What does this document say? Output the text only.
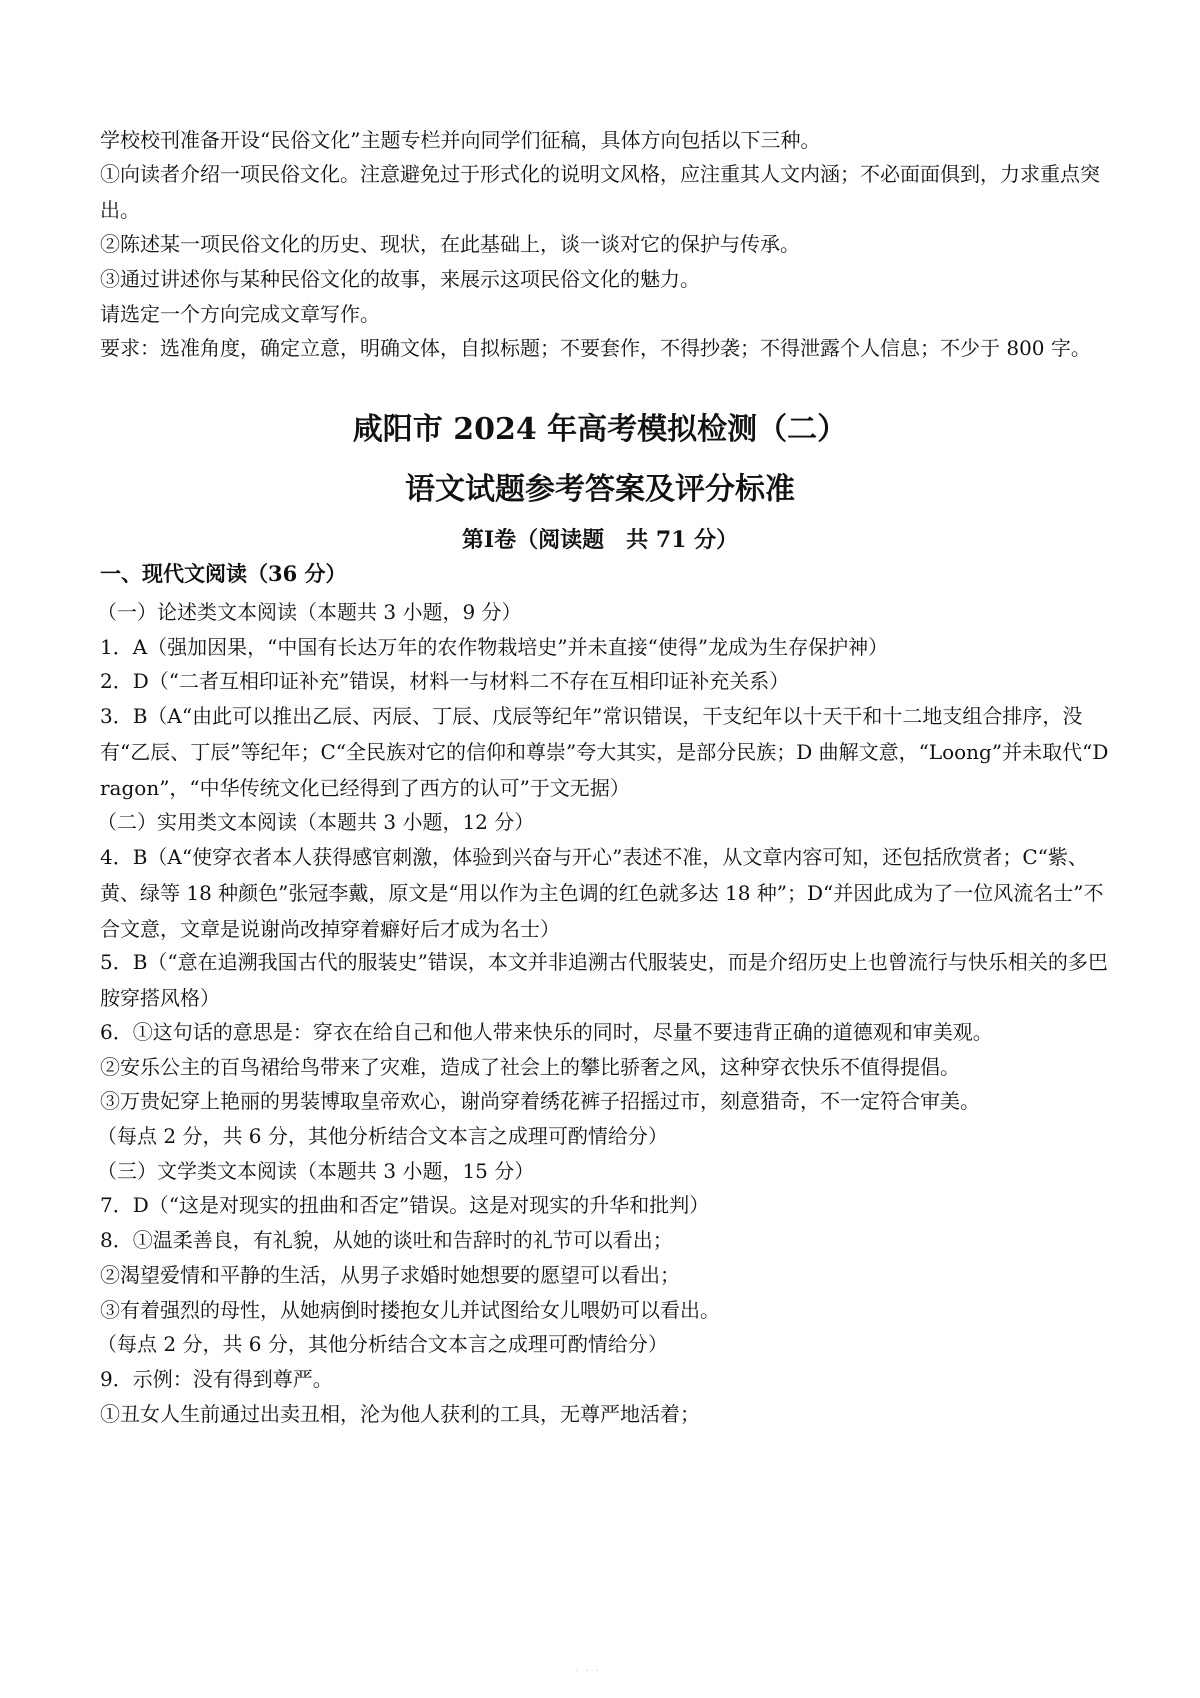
学校校刊准备开设“民俗文化”主题专栏并向同学们征稿，具体方向包括以下三种。
①向读者介绍一项民俗文化。注意避免过于形式化的说明文风格，应注重其人文内涵；不必面面俱到，力求重点突出。
②陈述某一项民俗文化的历史、现状，在此基础上，谈一谈对它的保护与传承。
③通过讲述你与某种民俗文化的故事，来展示这项民俗文化的魅力。
请选定一个方向完成文章写作。
要求：选准角度，确定立意，明确文体，自拟标题；不要套作，不得抄袭；不得泄露个人信息；不少于 800 字。
咸阳市 2024 年高考模拟检测（二）
语文试题参考答案及评分标准
第Ⅰ卷（阅读题　共 71 分）
一、现代文阅读（36 分）
（一）论述类文本阅读（本题共 3 小题，9 分）
1．A（强加因果，“中国有长达万年的农作物栽培史”并未直接“使得”龙成为生存保护神）
2．D（“二者互相印证补充”错误，材料一与材料二不存在互相印证补充关系）
3．B（A“由此可以推出乙辰、丙辰、丁辰、戊辰等纪年”常识错误，干支纪年以十天干和十二地支组合排序，没有“乙辰、丁辰”等纪年；C“全民族对它的信仰和尊崇”夸大其实，是部分民族；D 曲解文意，“Loong”并未取代“Dragon”，“中华传统文化已经得到了西方的认可”于文无据）
（二）实用类文本阅读（本题共 3 小题，12 分）
4．B（A“使穿衣者本人获得感官刺激，体验到兴奋与开心”表述不准，从文章内容可知，还包括欣赏者；C“紫、黄、绿等 18 种颜色”张冠李戴，原文是“用以作为主色调的红色就多达 18 种”；D“并因此成为了一位风流名士”不合文意，文章是说谢尚改掉穿着癖好后才成为名士）
5．B（“意在追溯我国古代的服装史”错误，本文并非追溯古代服装史，而是介绍历史上也曾流行与快乐相关的多巴胺穿搭风格）
6．①这句话的意思是：穿衣在给自己和他人带来快乐的同时，尽量不要违背正确的道德观和审美观。
②安乐公主的百鸟裙给鸟带来了灾难，造成了社会上的攀比骄奢之风，这种穿衣快乐不值得提倡。
③万贵妃穿上艳丽的男装博取皇帝欢心，谢尚穿着绣花裤子招摇过市，刻意猎奇，不一定符合审美。
（每点 2 分，共 6 分，其他分析结合文本言之成理可酌情给分）
（三）文学类文本阅读（本题共 3 小题，15 分）
7．D（“这是对现实的扭曲和否定”错误。这是对现实的升华和批判）
8．①温柔善良，有礼貌，从她的谈吐和告辞时的礼节可以看出；
②渴望爱情和平静的生活，从男子求婚时她想要的愿望可以看出；
③有着强烈的母性，从她病倒时搂抱女儿并试图给女儿喂奶可以看出。
（每点 2 分，共 6 分，其他分析结合文本言之成理可酌情给分）
9．示例：没有得到尊严。
①丑女人生前通过出卖丑相，沦为他人获利的工具，无尊严地活着；
· · ·
